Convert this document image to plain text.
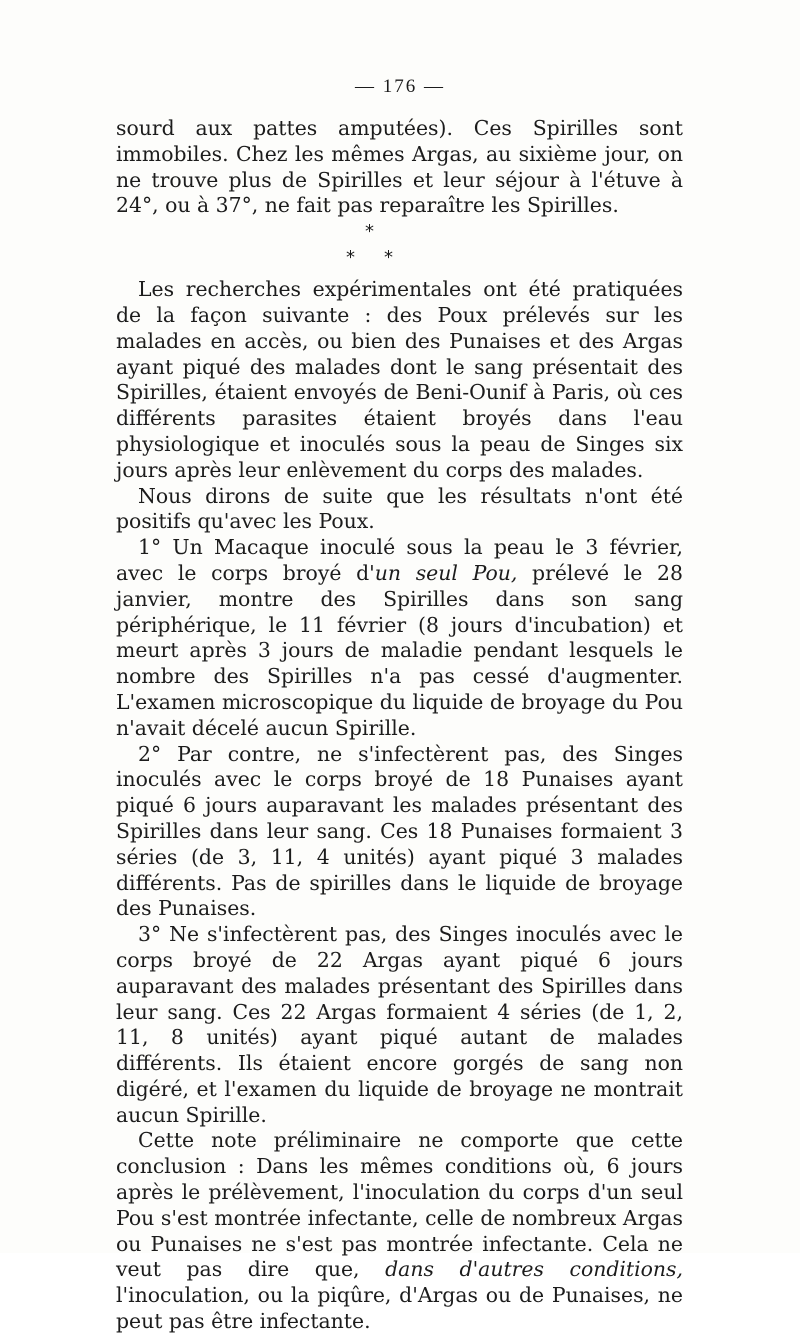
— 176 —

sourd aux pattes amputées). Ces Spirilles sont immobiles. Chez les mêmes Argas, au sixième jour, on ne trouve plus de Spirilles et leur séjour à l'étuve à 24°, ou à 37°, ne fait pas reparaître les Spirilles.

*
* *

Les recherches expérimentales ont été pratiquées de la façon suivante : des Poux prélevés sur les malades en accès, ou bien des Punaises et des Argas ayant piqué des malades dont le sang présentait des Spirilles, étaient envoyés de Beni-Ounif à Paris, où ces différents parasites étaient broyés dans l'eau physiologique et inoculés sous la peau de Singes six jours après leur enlèvement du corps des malades.

Nous dirons de suite que les résultats n'ont été positifs qu'avec les Poux.

1° Un Macaque inoculé sous la peau le 3 février, avec le corps broyé d'un seul Pou, prélevé le 28 janvier, montre des Spirilles dans son sang périphérique, le 11 février (8 jours d'incubation) et meurt après 3 jours de maladie pendant lesquels le nombre des Spirilles n'a pas cessé d'augmenter. L'examen microscopique du liquide de broyage du Pou n'avait décelé aucun Spirille.

2° Par contre, ne s'infectèrent pas, des Singes inoculés avec le corps broyé de 18 Punaises ayant piqué 6 jours auparavant les malades présentant des Spirilles dans leur sang. Ces 18 Punaises formaient 3 séries (de 3, 11, 4 unités) ayant piqué 3 malades différents. Pas de spirilles dans le liquide de broyage des Punaises.

3° Ne s'infectèrent pas, des Singes inoculés avec le corps broyé de 22 Argas ayant piqué 6 jours auparavant des malades présentant des Spirilles dans leur sang. Ces 22 Argas formaient 4 séries (de 1, 2, 11, 8 unités) ayant piqué autant de malades différents. Ils étaient encore gorgés de sang non digéré, et l'examen du liquide de broyage ne montrait aucun Spirille.

Cette note préliminaire ne comporte que cette conclusion : Dans les mêmes conditions où, 6 jours après le prélèvement, l'inoculation du corps d'un seul Pou s'est montrée infectante, celle de nombreux Argas ou Punaises ne s'est pas montrée infectante. Cela ne veut pas dire que, dans d'autres conditions, l'inoculation, ou la piqûre, d'Argas ou de Punaises, ne peut pas être infectante.
